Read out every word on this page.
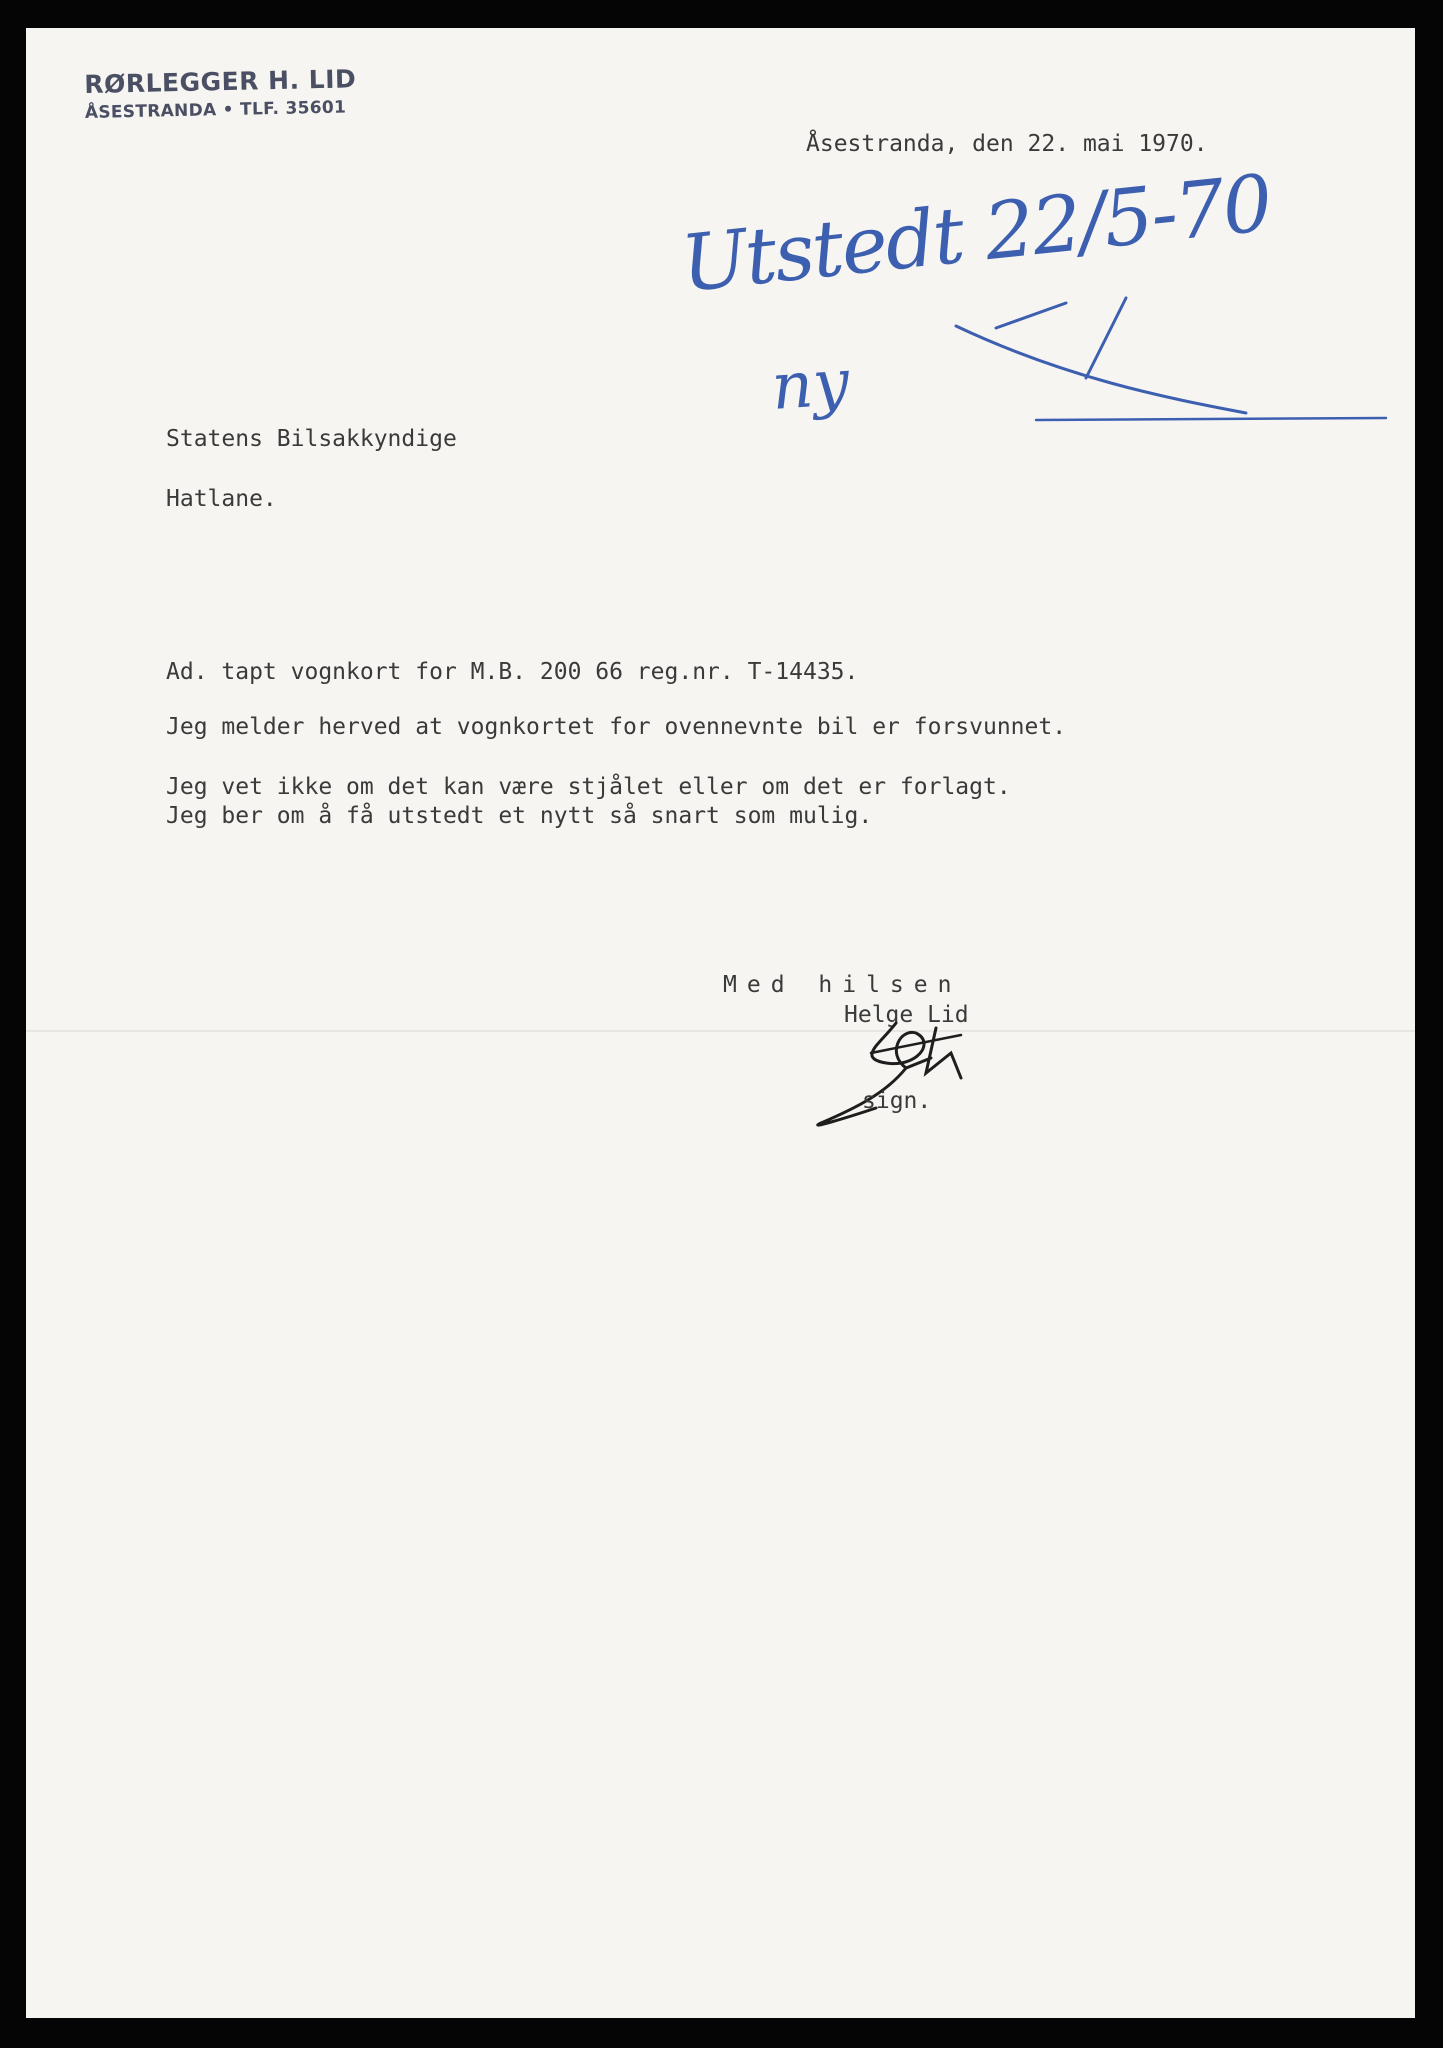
RØRLEGGER H. LID
ÅSESTRANDA • TLF. 35601
Åsestranda, den 22. mai 1970.
Utstedt 22/5-70
ny
Statens Bilsakkyndige
Hatlane.
Ad. tapt vognkort for M.B. 200 66 reg.nr. T-14435.
Jeg melder herved at vognkortet for ovennevnte bil er forsvunnet.
Jeg vet ikke om det kan være stjålet eller om det er forlagt.
Jeg ber om å få utstedt et nytt så snart som mulig.
Med hilsen
Helge Lid
sign.
